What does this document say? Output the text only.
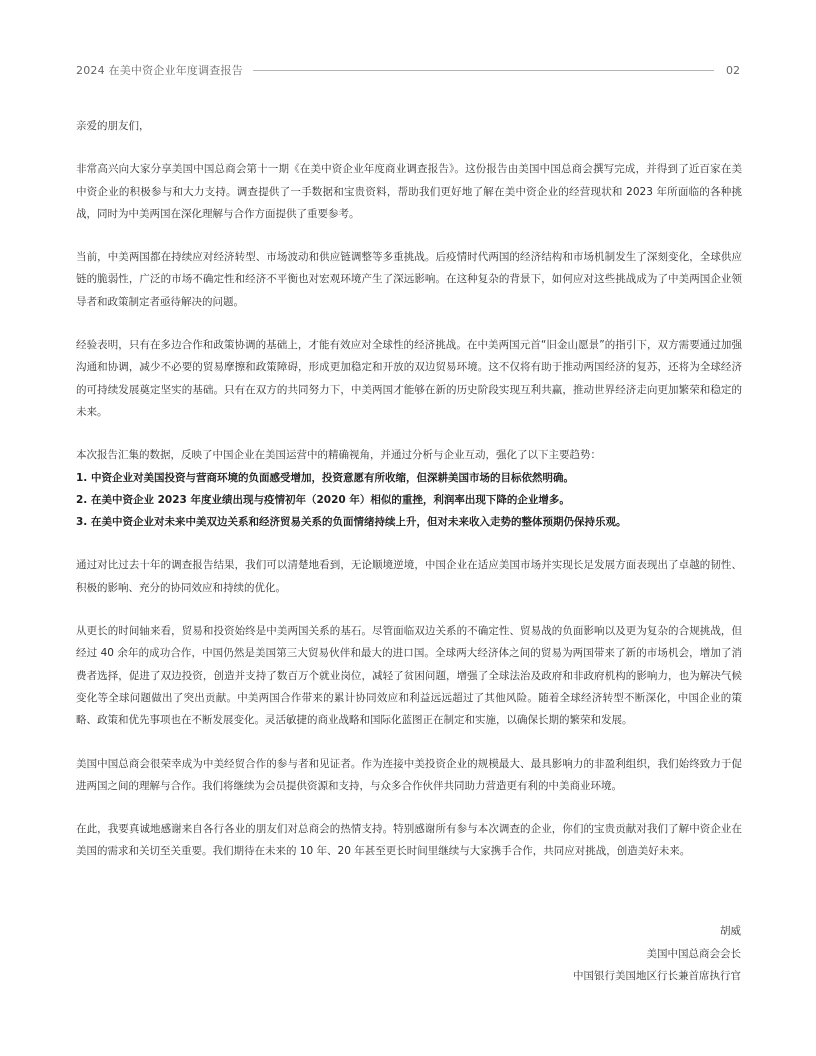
2024 在美中资企业年度调查报告	02

亲爱的朋友们，

非常高兴向大家分享美国中国总商会第十一期《在美中资企业年度商业调查报告》。这份报告由美国中国总商会撰写完成，并得到了近百家在美中资企业的积极参与和大力支持。调查提供了一手数据和宝贵资料，帮助我们更好地了解在美中资企业的经营现状和 2023 年所面临的各种挑战，同时为中美两国在深化理解与合作方面提供了重要参考。

当前，中美两国都在持续应对经济转型、市场波动和供应链调整等多重挑战。后疫情时代两国的经济结构和市场机制发生了深刻变化，全球供应链的脆弱性，广泛的市场不确定性和经济不平衡也对宏观环境产生了深远影响。在这种复杂的背景下，如何应对这些挑战成为了中美两国企业领导者和政策制定者亟待解决的问题。

经验表明，只有在多边合作和政策协调的基础上，才能有效应对全球性的经济挑战。在中美两国元首“旧金山愿景”的指引下，双方需要通过加强沟通和协调，减少不必要的贸易摩擦和政策障碍，形成更加稳定和开放的双边贸易环境。这不仅将有助于推动两国经济的复苏，还将为全球经济的可持续发展奠定坚实的基础。只有在双方的共同努力下，中美两国才能够在新的历史阶段实现互利共赢，推动世界经济走向更加繁荣和稳定的未来。

本次报告汇集的数据，反映了中国企业在美国运营中的精确视角，并通过分析与企业互动，强化了以下主要趋势：

1. 中资企业对美国投资与营商环境的负面感受增加，投资意愿有所收缩，但深耕美国市场的目标依然明确。

2. 在美中资企业 2023 年度业绩出现与疫情初年（2020 年）相似的重挫，利润率出现下降的企业增多。

3. 在美中资企业对未来中美双边关系和经济贸易关系的负面情绪持续上升，但对未来收入走势的整体预期仍保持乐观。

通过对比过去十年的调查报告结果，我们可以清楚地看到，无论顺境逆境，中国企业在适应美国市场并实现长足发展方面表现出了卓越的韧性、积极的影响、充分的协同效应和持续的优化。

从更长的时间轴来看，贸易和投资始终是中美两国关系的基石。尽管面临双边关系的不确定性、贸易战的负面影响以及更为复杂的合规挑战，但经过 40 余年的成功合作，中国仍然是美国第三大贸易伙伴和最大的进口国。全球两大经济体之间的贸易为两国带来了新的市场机会，增加了消费者选择，促进了双边投资，创造并支持了数百万个就业岗位，减轻了贫困问题，增强了全球法治及政府和非政府机构的影响力，也为解决气候变化等全球问题做出了突出贡献。中美两国合作带来的累计协同效应和利益远远超过了其他风险。随着全球经济转型不断深化，中国企业的策略、政策和优先事项也在不断发展变化。灵活敏捷的商业战略和国际化蓝图正在制定和实施，以确保长期的繁荣和发展。

美国中国总商会很荣幸成为中美经贸合作的参与者和见证者。作为连接中美投资企业的规模最大、最具影响力的非盈利组织，我们始终致力于促进两国之间的理解与合作。我们将继续为会员提供资源和支持，与众多合作伙伴共同助力营造更有利的中美商业环境。

在此，我要真诚地感谢来自各行各业的朋友们对总商会的热情支持。特别感谢所有参与本次调查的企业，你们的宝贵贡献对我们了解中资企业在美国的需求和关切至关重要。我们期待在未来的 10 年、20 年甚至更长时间里继续与大家携手合作，共同应对挑战，创造美好未来。

胡威
美国中国总商会会长
中国银行美国地区行长兼首席执行官
